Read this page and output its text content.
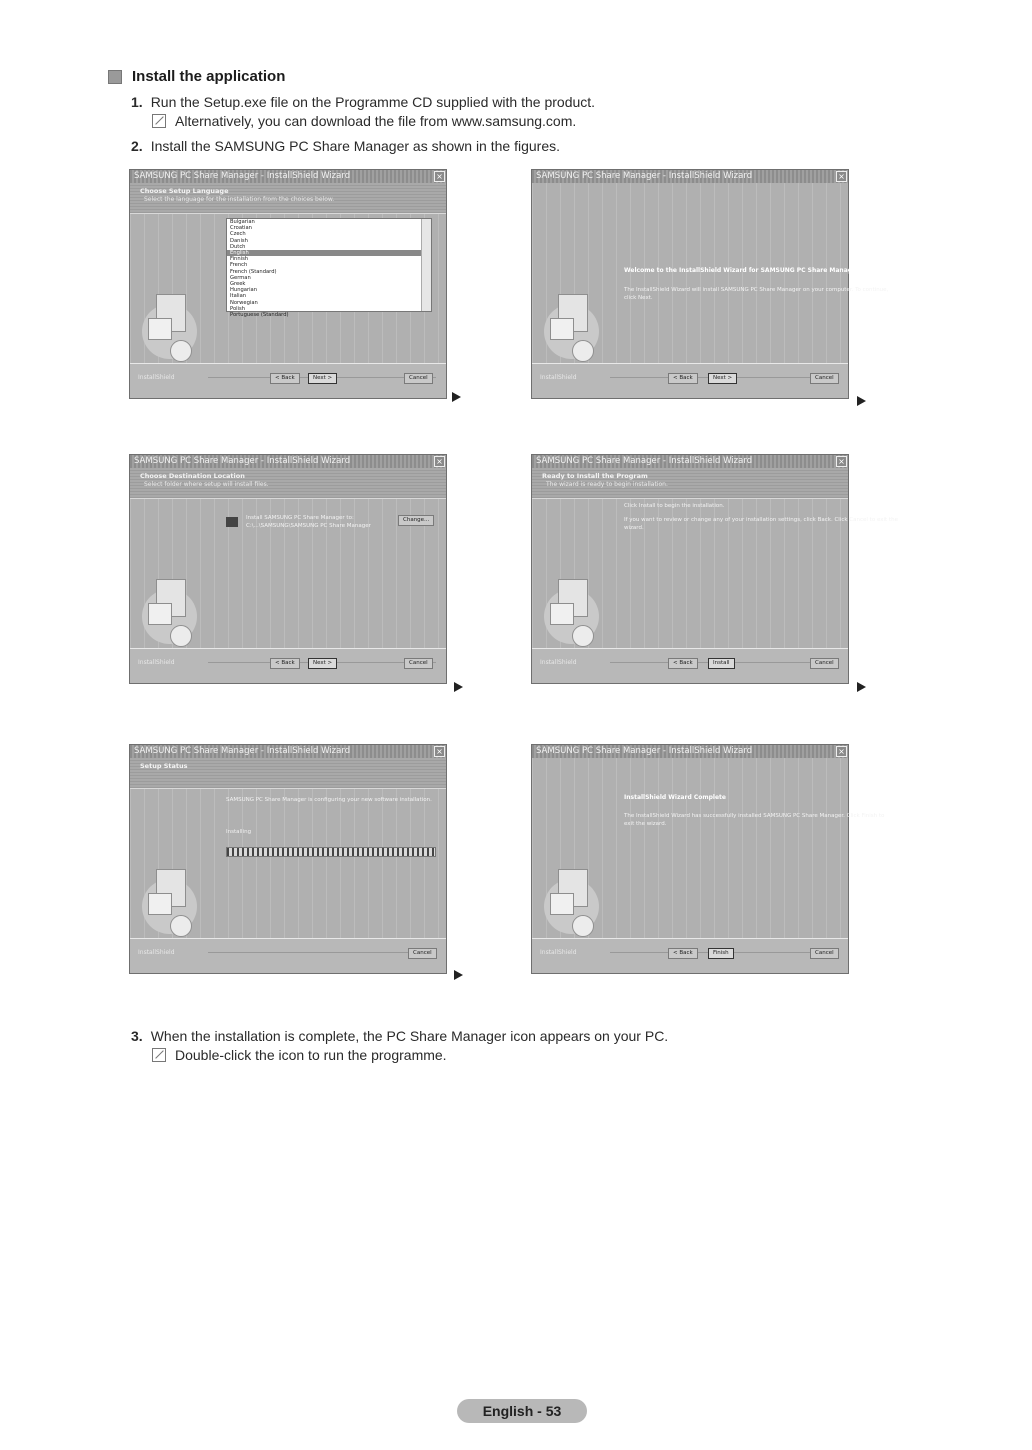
Install the application
1. Run the Setup.exe file on the Programme CD supplied with the product.
Alternatively, you can download the file from www.samsung.com.
2. Install the SAMSUNG PC Share Manager as shown in the figures.
SAMSUNG PC Share Manager - InstallShield Wizard	×
Choose Setup Language
Select the language for the installation from the choices below.
Bulgarian
Croatian
Czech
Danish
Dutch
English
Finnish
French
French (Standard)
German
Greek
Hungarian
Italian
Norwegian
Polish
Portuguese (Standard)
InstallShield	< Back	Next >	Cancel
SAMSUNG PC Share Manager - InstallShield Wizard	×
Welcome to the InstallShield Wizard for SAMSUNG PC Share Manager
The InstallShield Wizard will install SAMSUNG PC Share Manager on your computer. To continue,
click Next.
InstallShield	< Back	Next >	Cancel
SAMSUNG PC Share Manager - InstallShield Wizard	×
Choose Destination Location
Select folder where setup will install files.
Install SAMSUNG PC Share Manager to:
C:\...\SAMSUNG\SAMSUNG PC Share Manager
Change...
InstallShield	< Back	Next >	Cancel
SAMSUNG PC Share Manager - InstallShield Wizard	×
Ready to Install the Program
The wizard is ready to begin installation.
Click Install to begin the installation.
If you want to review or change any of your installation settings, click Back. Click Cancel to exit the
wizard.
InstallShield	< Back	Install	Cancel
SAMSUNG PC Share Manager - InstallShield Wizard	×
Setup Status
SAMSUNG PC Share Manager is configuring your new software installation.
Installing
InstallShield	Cancel
SAMSUNG PC Share Manager - InstallShield Wizard	×
InstallShield Wizard Complete
The InstallShield Wizard has successfully installed SAMSUNG PC Share Manager. Click Finish to
exit the wizard.
InstallShield	< Back	Finish	Cancel
3. When the installation is complete, the PC Share Manager icon appears on your PC.
Double-click the icon to run the programme.
English - 53
